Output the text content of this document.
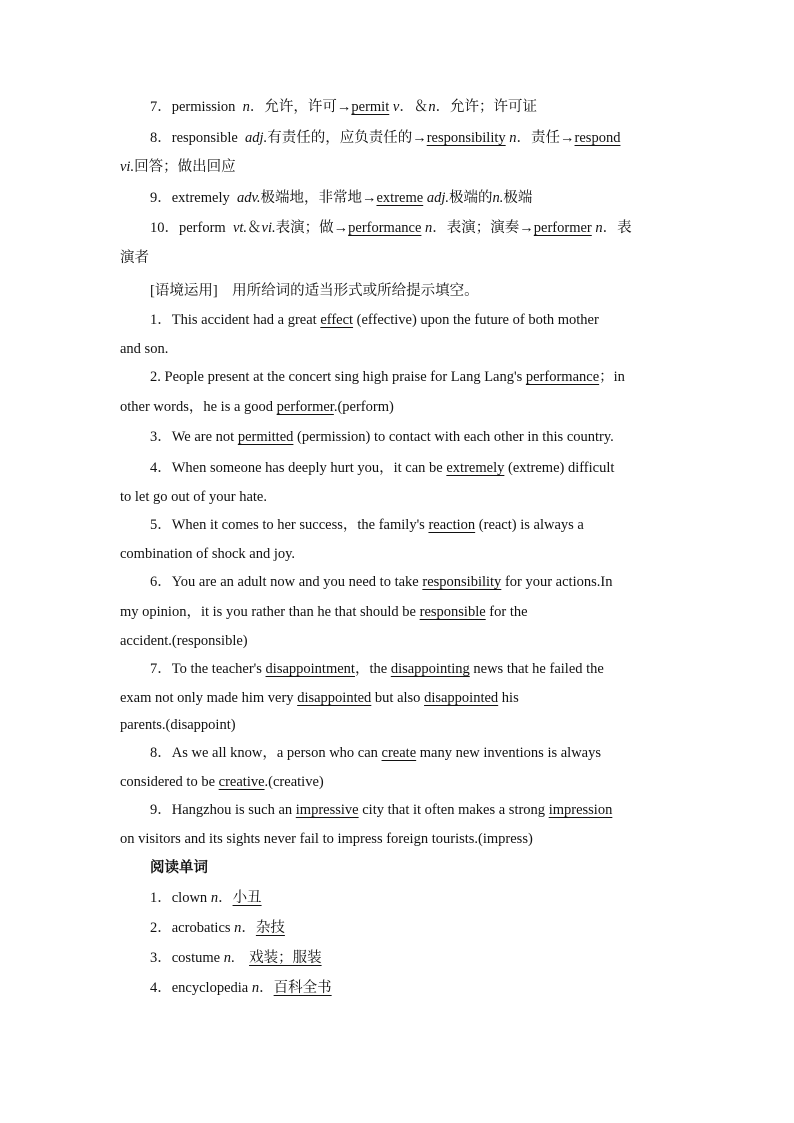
7．permission n．允许，许可→permit v．＆n．允许；许可证
8．responsible adj.有责任的，应负责任的→responsibility n．责任→respond
vi.回答；做出回应
9．extremely adv.极端地，非常地→extreme adj.极端的n.极端
10．perform vt.＆vi.表演；做→performance n．表演；演奏→performer n．表
演者
[语境运用]　用所给词的适当形式或所给提示填空。
1．This accident had a great effect (effective) upon the future of both mother
and son.
2. People present at the concert sing high praise for Lang Lang's performance；in
other words，he is a good performer.(perform)
3．We are not permitted (permission) to contact with each other in this country.
4．When someone has deeply hurt you，it can be extremely (extreme) difficult
to let go out of your hate.
5．When it comes to her success，the family's reaction (react) is always a
combination of shock and joy.
6．You are an adult now and you need to take responsibility for your actions.In
my opinion，it is you rather than he that should be responsible for the
accident.(responsible)
7．To the teacher's disappointment，the disappointing news that he failed the
exam not only made him very disappointed but also disappointed his
parents.(disappoint)
8．As we all know，a person who can create many new inventions is always
considered to be creative.(creative)
9．Hangzhou is such an impressive city that it often makes a strong impression
on visitors and its sights never fail to impress foreign tourists.(impress)
阅读单词
1．clown n．小丑
2．acrobatics n．杂技
3．costume n.　戏装；服装
4．encyclopedia n．百科全书
